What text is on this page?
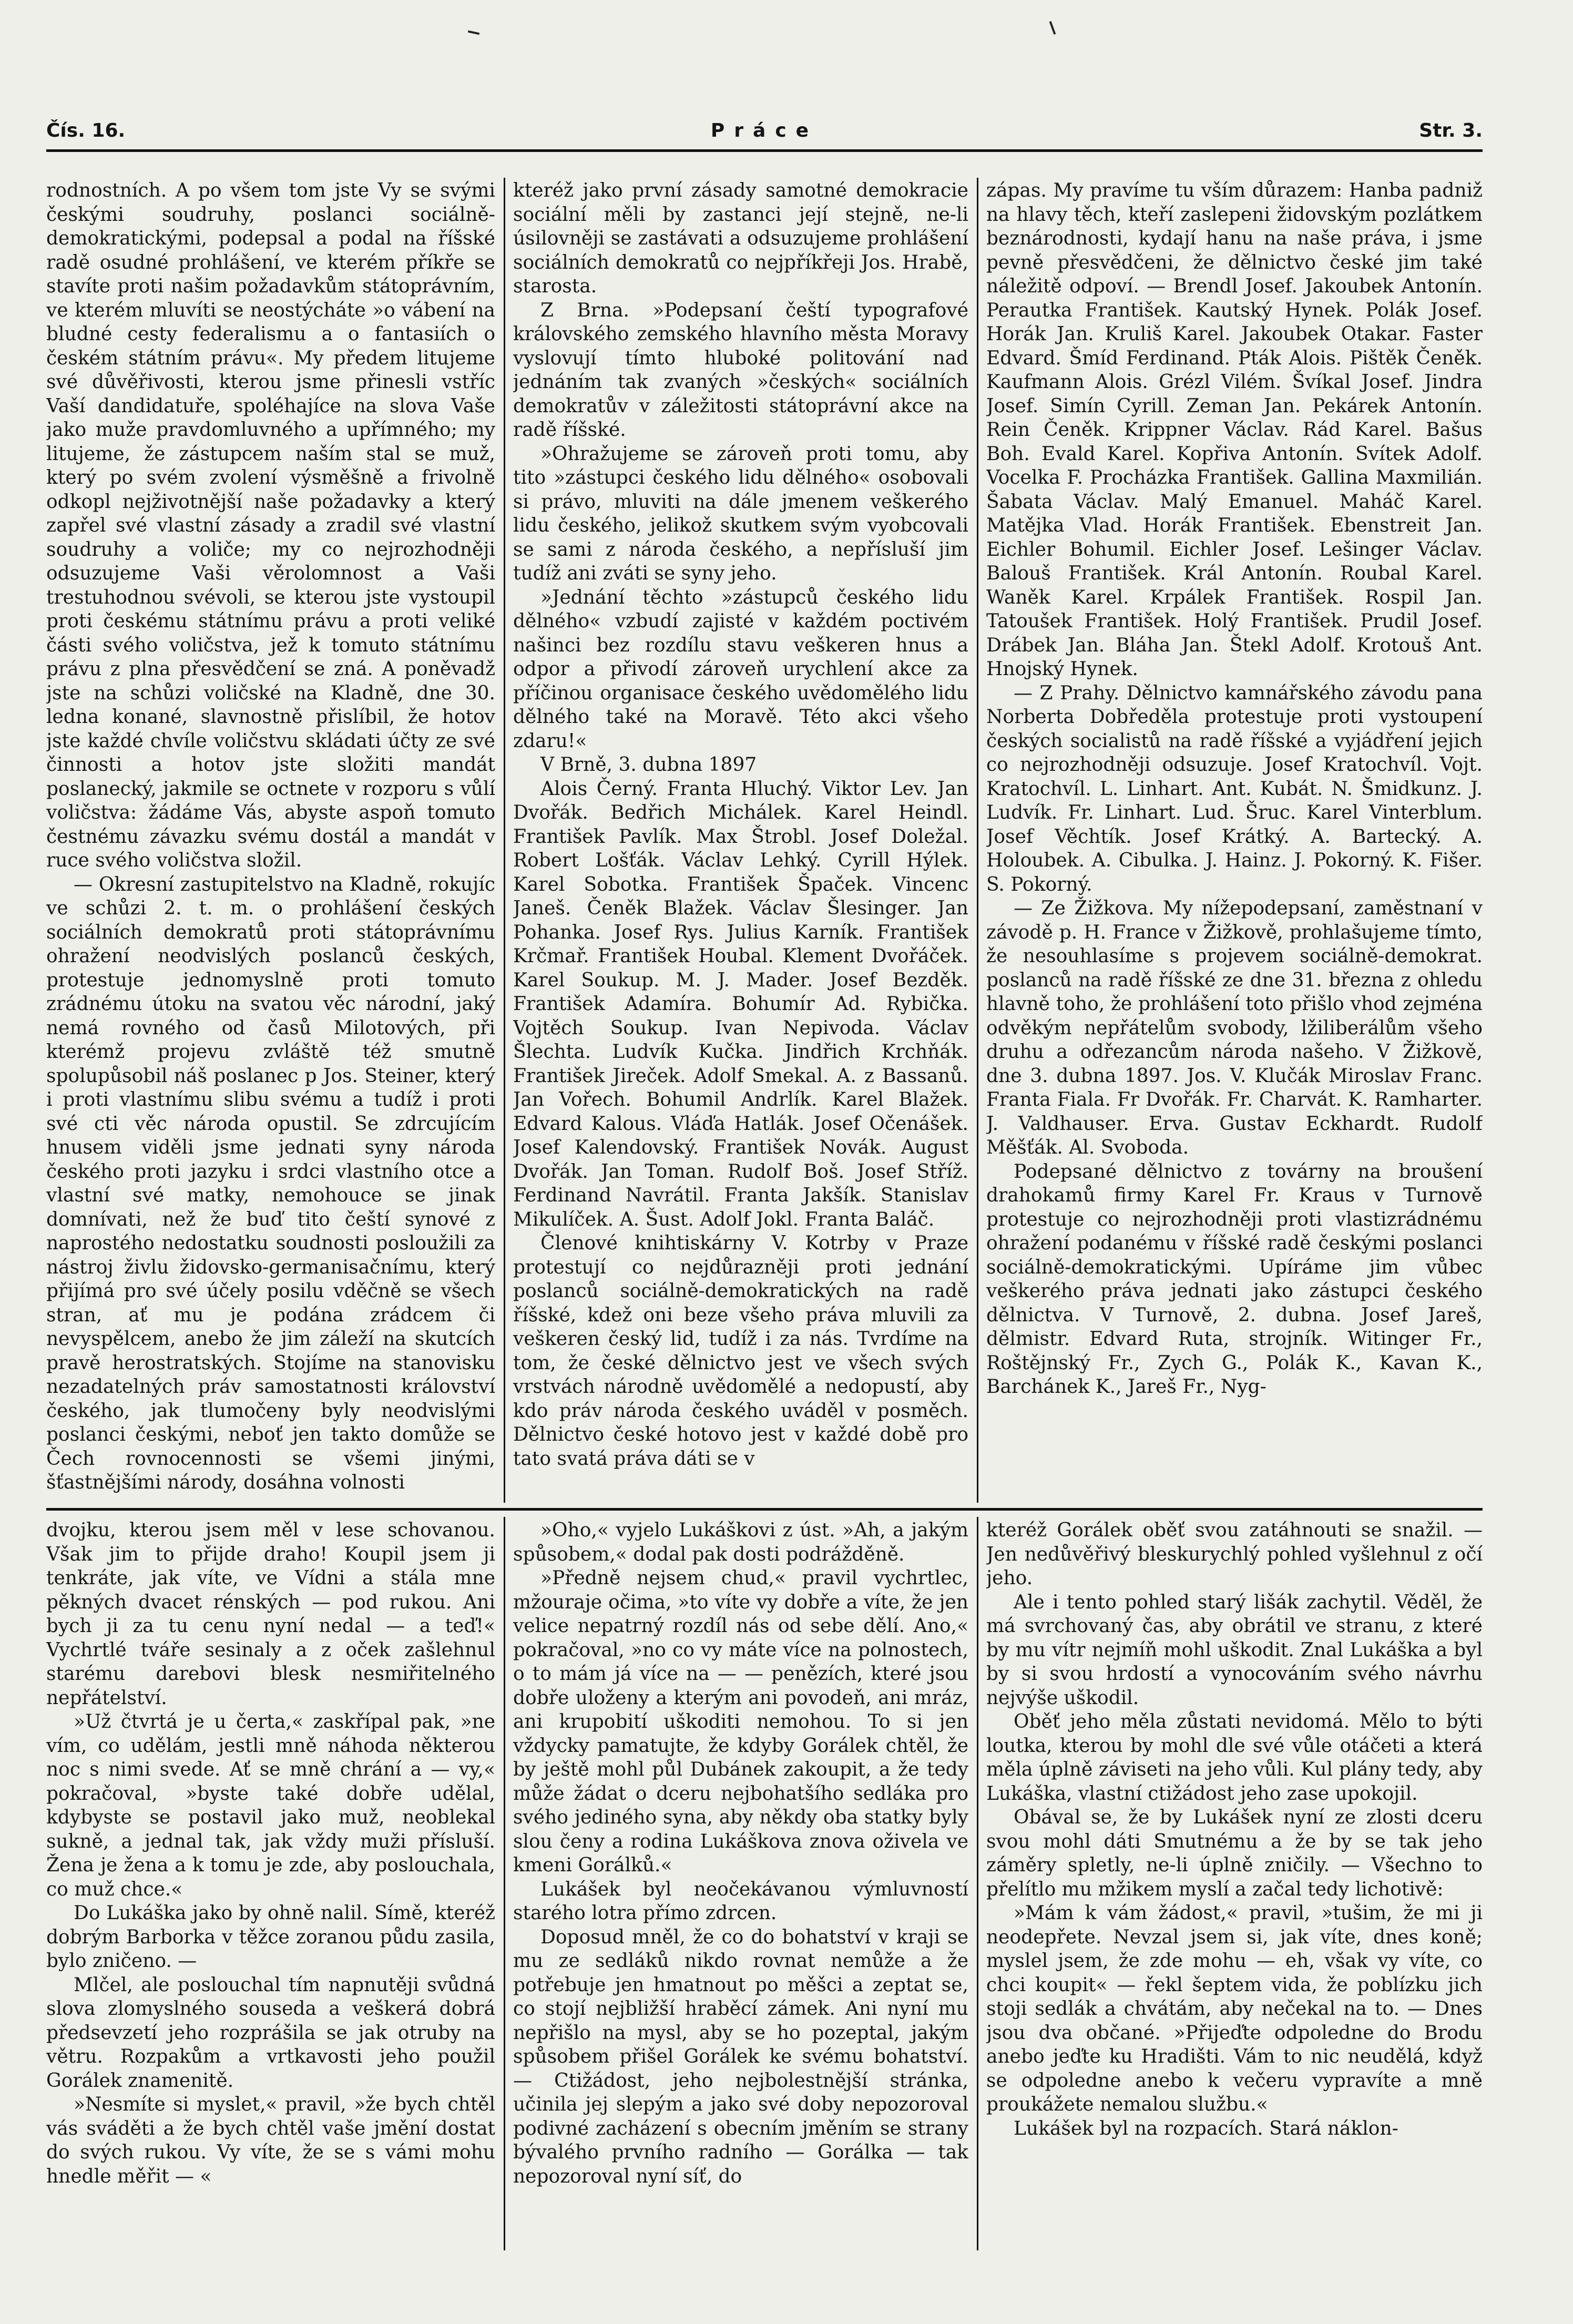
Čís. 16.	Práce	Str. 3.

rodnostních. A po všem tom jste Vy se svými českými soudruhy, poslanci sociálně-demokratickými, podepsal a podal na říšské radě osudné prohlášení, ve kterém příkře se stavíte proti našim požadavkům státoprávním, ve kterém mluvíti se neostýcháte »o vábení na bludné cesty federalismu a o fantasiích o českém státním právu«. My předem litujeme své důvěřivosti, kterou jsme přinesli vstříc Vaší dandidatuře, spoléhajíce na slova Vaše jako muže pravdomluvného a upřímného; my litujeme, že zástupcem naším stal se muž, který po svém zvolení výsměšně a frivolně odkopl nejživotnější naše požadavky a který zapřel své vlastní zásady a zradil své vlastní soudruhy a voliče; my co nejrozhodněji odsuzujeme Vaši věrolomnost a Vaši trestuhodnou svévoli, se kterou jste vystoupil proti českému státnímu právu a proti veliké části svého voličstva, jež k tomuto státnímu právu z plna přesvědčení se zná. A poněvadž jste na schůzi voličské na Kladně, dne 30. ledna konané, slavnostně přislíbil, že hotov jste každé chvíle voličstvu skládati účty ze své činnosti a hotov jste složiti mandát poslanecký, jakmile se octnete v rozporu s vůlí voličstva: žádáme Vás, abyste aspoň tomuto čestnému závazku svému dostál a mandát v ruce svého voličstva složil.

— Okresní zastupitelstvo na Kladně, rokujíc ve schůzi 2. t. m. o prohlášení českých sociálních demokratů proti státoprávnímu ohražení neodvislých poslanců českých, protestuje jednomyslně proti tomuto zrádnému útoku na svatou věc národní, jaký nemá rovného od časů Milotových, při kterémž projevu zvláště též smutně spolupůsobil náš poslanec p Jos. Steiner, který i proti vlastnímu slibu svému a tudíž i proti své cti věc národa opustil. Se zdrcujícím hnusem viděli jsme jednati syny národa českého proti jazyku i srdci vlastního otce a vlastní své matky, nemohouce se jinak domnívati, než že buď tito čeští synové z naprostého nedostatku soudnosti posloužili za nástroj živlu židovsko-germanisačnímu, který přijímá pro své účely posilu vděčně se všech stran, ať mu je podána zrádcem či nevyspělcem, anebo že jim záleží na skutcích pravě herostratských. Stojíme na stanovisku nezadatelných práv samostatnosti království českého, jak tlumočeny byly neodvislými poslanci českými, neboť jen takto domůže se Čech rovnocennosti se všemi jinými, šťastnějšími národy, dosáhna volnosti

kteréž jako první zásady samotné demokracie sociální měli by zastanci její stejně, ne-li úsilovněji se zastávati a odsuzujeme prohlášení sociálních demokratů co nejpříkřeji Jos. Hrabě, starosta.

Z Brna. »Podepsaní čeští typografové královského zemského hlavního města Moravy vyslovují tímto hluboké politování nad jednáním tak zvaných »českých« sociálních demokratův v záležitosti státoprávní akce na radě říšské.

»Ohražujeme se zároveň proti tomu, aby tito »zástupci českého lidu dělného« osobovali si právo, mluviti na dále jmenem veškerého lidu českého, jelikož skutkem svým vyobcovali se sami z národa českého, a nepřísluší jim tudíž ani zváti se syny jeho.

»Jednání těchto »zástupců českého lidu dělného« vzbudí zajisté v každém poctivém našinci bez rozdílu stavu veškeren hnus a odpor a přivodí zároveň urychlení akce za příčinou organisace českého uvědomělého lidu dělného také na Moravě. Této akci všeho zdaru!«

V Brně, 3. dubna 1897

Alois Černý. Franta Hluchý. Viktor Lev. Jan Dvořák. Bedřich Michálek. Karel Heindl. František Pavlík. Max Štrobl. Josef Doležal. Robert Lošťák. Václav Lehký. Cyrill Hýlek. Karel Sobotka. František Špaček. Vincenc Janeš. Čeněk Blažek. Václav Šlesinger. Jan Pohanka. Josef Rys. Julius Karník. František Krčmař. František Houbal. Klement Dvořáček. Karel Soukup. M. J. Mader. Josef Bezděk. František Adamíra. Bohumír Ad. Rybička. Vojtěch Soukup. Ivan Nepivoda. Václav Šlechta. Ludvík Kučka. Jindřich Krchňák. František Jireček. Adolf Smekal. A. z Bassanů. Jan Vořech. Bohumil Andrlík. Karel Blažek. Edvard Kalous. Vláďa Hatlák. Josef Očenášek. Josef Kalendovský. František Novák. August Dvořák. Jan Toman. Rudolf Boš. Josef Stříž. Ferdinand Navrátil. Franta Jakšík. Stanislav Mikulíček. A. Šust. Adolf Jokl. Franta Baláč.

Členové knihtiskárny V. Kotrby v Praze protestují co nejdůrazněji proti jednání poslanců sociálně-demokratických na radě říšské, kdež oni beze všeho práva mluvili za veškeren český lid, tudíž i za nás. Tvrdíme na tom, že české dělnictvo jest ve všech svých vrstvách národně uvědomělé a nedopustí, aby kdo práv národa českého uváděl v posměch. Dělnictvo české hotovo jest v každé době pro tato svatá práva dáti se v

zápas. My pravíme tu vším důrazem: Hanba padniž na hlavy těch, kteří zaslepeni židovským pozlátkem beznárodnosti, kydají hanu na naše práva, i jsme pevně přesvědčeni, že dělnictvo české jim také náležitě odpoví. — Brendl Josef. Jakoubek Antonín. Perautka František. Kautský Hynek. Polák Josef. Horák Jan. Kruliš Karel. Jakoubek Otakar. Faster Edvard. Šmíd Ferdinand. Pták Alois. Pištěk Čeněk. Kaufmann Alois. Grézl Vilém. Švíkal Josef. Jindra Josef. Simín Cyrill. Zeman Jan. Pekárek Antonín. Rein Čeněk. Krippner Václav. Rád Karel. Bašus Boh. Evald Karel. Kopřiva Antonín. Svítek Adolf. Vocelka F. Procházka František. Gallina Maxmilián. Šabata Václav. Malý Emanuel. Maháč Karel. Matějka Vlad. Horák František. Ebenstreit Jan. Eichler Bohumil. Eichler Josef. Lešinger Václav. Balouš František. Král Antonín. Roubal Karel. Waněk Karel. Krpálek František. Rospil Jan. Tatoušek František. Holý František. Prudil Josef. Drábek Jan. Bláha Jan. Štekl Adolf. Krotouš Ant. Hnojský Hynek.

— Z Prahy. Dělnictvo kamnářského závodu pana Norberta Dobředěla protestuje proti vystoupení českých socialistů na radě říšské a vyjádření jejich co nejrozhodněji odsuzuje. Josef Kratochvíl. Vojt. Kratochvíl. L. Linhart. Ant. Kubát. N. Šmidkunz. J. Ludvík. Fr. Linhart. Lud. Šruc. Karel Vinterblum. Josef Věchtík. Josef Krátký. A. Bartecký. A. Holoubek. A. Cibulka. J. Hainz. J. Pokorný. K. Fišer. S. Pokorný.

— Ze Žižkova. My nížepodepsaní, zaměstnaní v závodě p. H. France v Žižkově, prohlašujeme tímto, že nesouhlasíme s projevem sociálně-demokrat. poslanců na radě říšské ze dne 31. března z ohledu hlavně toho, že prohlášení toto přišlo vhod zejména odvěkým nepřátelům svobody, lžiliberálům všeho druhu a odřezancům národa našeho. V Žižkově, dne 3. dubna 1897. Jos. V. Klučák Miroslav Franc. Franta Fiala. Fr Dvořák. Fr. Charvát. K. Ramharter. J. Valdhauser. Erva. Gustav Eckhardt. Rudolf Měšťák. Al. Svoboda.

Podepsané dělnictvo z továrny na broušení drahokamů firmy Karel Fr. Kraus v Turnově protestuje co nejrozhodněji proti vlastizrádnému ohražení podanému v říšské radě českými poslanci sociálně-demokratickými. Upíráme jim vůbec veškerého práva jednati jako zástupci českého dělnictva. V Turnově, 2. dubna. Josef Jareš, dělmistr. Edvard Ruta, strojník. Witinger Fr., Roštějnský Fr., Zych G., Polák K., Kavan K., Barchánek K., Jareš Fr., Nyg-

dvojku, kterou jsem měl v lese schovanou. Však jim to přijde draho! Koupil jsem ji tenkráte, jak víte, ve Vídni a stála mne pěkných dvacet rénských — pod rukou. Ani bych ji za tu cenu nyní nedal — a teď!« Vychrtlé tváře sesinaly a z oček zašlehnul starému darebovi blesk nesmiřitelného nepřátelství.

»Už čtvrtá je u čerta,« zaskřípal pak, »ne vím, co udělám, jestli mně náhoda některou noc s nimi svede. Ať se mně chrání a — vy,« pokračoval, »byste také dobře udělal, kdybyste se postavil jako muž, neoblekal sukně, a jednal tak, jak vždy muži přísluší. Žena je žena a k tomu je zde, aby poslouchala, co muž chce.«

Do Lukáška jako by ohně nalil. Símě, kteréž dobrým Barborka v těžce zoranou půdu zasila, bylo zničeno. —

Mlčel, ale poslouchal tím napnutěji svůdná slova zlomyslného souseda a veškerá dobrá předsevzetí jeho rozprášila se jak otruby na větru. Rozpakům a vrtkavosti jeho použil Gorálek znamenitě.

»Nesmíte si myslet,« pravil, »že bych chtěl vás sváděti a že bych chtěl vaše jmění dostat do svých rukou. Vy víte, že se s vámi mohu hnedle měřit — «

»Oho,« vyjelo Lukáškovi z úst. »Ah, a jakým spůsobem,« dodal pak dosti podrážděně.

»Předně nejsem chud,« pravil vychrtlec, mžouraje očima, »to víte vy dobře a víte, že jen velice nepatrný rozdíl nás od sebe dělí. Ano,« pokračoval, »no co vy máte více na polnostech, o to mám já více na — — penězích, které jsou dobře uloženy a kterým ani povodeň, ani mráz, ani krupobití uškoditi nemohou. To si jen vždycky pamatujte, že kdyby Gorálek chtěl, že by ještě mohl půl Dubánek zakoupit, a že tedy může žádat o dceru nejbohatšího sedláka pro svého jediného syna, aby někdy oba statky byly slou čeny a rodina Lukáškova znova oživela ve kmeni Gorálků.«

Lukášek byl neočekávanou výmluvností starého lotra přímo zdrcen.

Doposud mněl, že co do bohatství v kraji se mu ze sedláků nikdo rovnat nemůže a že potřebuje jen hmatnout po měšci a zeptat se, co stojí nejbližší hraběcí zámek. Ani nyní mu nepřišlo na mysl, aby se ho pozeptal, jakým spůsobem přišel Gorálek ke svému bohatství. — Ctižádost, jeho nejbolestnější stránka, učinila jej slepým a jako své doby nepozoroval podivné zacházení s obecním jměním se strany bývalého prvního radního — Gorálka — tak nepozoroval nyní síť, do

kteréž Gorálek oběť svou zatáhnouti se snažil. — Jen nedůvěřivý bleskurychlý pohled vyšlehnul z očí jeho.

Ale i tento pohled starý lišák zachytil. Věděl, že má svrchovaný čas, aby obrátil ve stranu, z které by mu vítr nejmíň mohl uškodit. Znal Lukáška a byl by si svou hrdostí a vynocováním svého návrhu nejvýše uškodil.

Oběť jeho měla zůstati nevidomá. Mělo to býti loutka, kterou by mohl dle své vůle otáčeti a která měla úplně záviseti na jeho vůli. Kul plány tedy, aby Lukáška, vlastní ctižádost jeho zase upokojil.

Obával se, že by Lukášek nyní ze zlosti dceru svou mohl dáti Smutnému a že by se tak jeho záměry spletly, ne-li úplně zničily. — Všechno to přelítlo mu mžikem myslí a začal tedy lichotivě:

»Mám k vám žádost,« pravil, »tušim, že mi ji neodepřete. Nevzal jsem si, jak víte, dnes koně; myslel jsem, že zde mohu — eh, však vy víte, co chci koupit« — řekl šeptem vida, že poblízku jich stoji sedlák a chvátám, aby nečekal na to. — Dnes jsou dva občané. »Přijeďte odpoledne do Brodu anebo jeďte ku Hradišti. Vám to nic neudělá, když se odpoledne anebo k večeru vypravíte a mně proukážete nemalou službu.«

Lukášek byl na rozpacích. Stará náklon-
